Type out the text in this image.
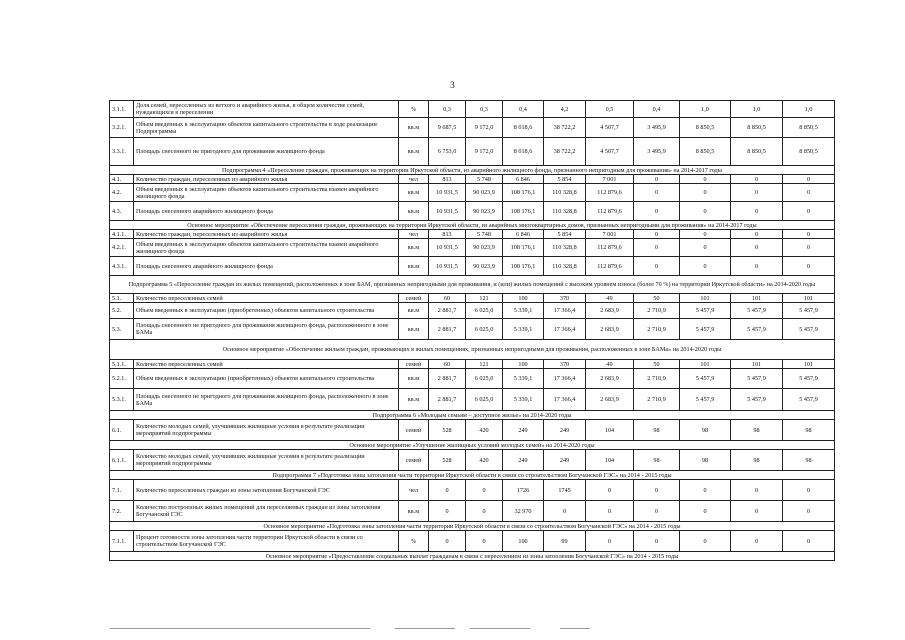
3
3.1.1.	Доля семей, переселенных из ветхого и аварийного жилья, в общем количестве семей, нуждающихся в переселении	%	0,3	0,3	0,4	4,2	0,5	0,4	1,0	1,0	1,0
3.2.1.	Объем введенных в эксплуатацию объектов капитального строительства в ходе реализации Подпрограммы	кв.м	9 687,5	9 172,0	8 018,6	38 722,2	4 507,7	3 495,9	8 850,5	8 850,5	8 850,5
3.3.1.	Площадь снесенного не пригодного для проживания жилищного фонда	кв.м	6 753,0	9 172,0	8 018,6	38 722,2	4 507,7	3 495,9	8 850,5	8 850,5	8 850,5
Подпрограмма 4 «Переселение граждан, проживающих на территории Иркутской области, из аварийного жилищного фонда, признанного непригодным для проживания» на 2014-2017 годы											
4.1.	Количество граждан, переселенных из аварийного жилья	чел	813	5 748	6 846	5 854	7 001	0	0	0	0
4.2.	Объем введенных в эксплуатацию объектов капитального строительства взамен аварийного жилищного фонда	кв.м	10 931,5	90 023,9	108 176,1	110 328,8	112 879,6	0	0	0	0
4.3.	Площадь снесенного аварийного жилищного фонда	кв.м	10 931,5	90 023,9	108 176,1	110 328,8	112 879,6	0	0	0	0
Основное мероприятие «Обеспечение переселения граждан, проживающих на территории Иркутской области, из аварийных многоквартирных домов, признанных непригодными для проживания» на 2014-2017 годы											
4.1.1.	Количество граждан, переселенных из аварийного жилья	чел	813	5 748	6 846	5 854	7 001	0	0	0	0
4.2.1.	Объем введенных в эксплуатацию объектов капитального строительства взамен аварийного жилищного фонда	кв.м	10 931,5	90 023,9	108 176,1	110 328,8	112 879,6	0	0	0	0
4.3.1.	Площадь снесенного аварийного жилищного фонда	кв.м	10 931,5	90 023,9	108 176,1	110 328,8	112 879,6	0	0	0	0
Подпрограмма 5 «Переселение граждан из жилых помещений, расположенных в зоне БАМ, признанных непригодными для проживания, и (или) жилых помещений с высоким уровнем износа (более 70 %) на территории Иркутской области» на 2014-2020 годы											
5.1.	Количество переселенных семей	семей	60	121	100	370	49	50	101	101	101
5.2.	Объем введенных в эксплуатацию (приобретенных) объектов капитального строительства	кв.м	2 881,7	6 025,0	5 339,1	17 366,4	2 683,9	2 710,9	5 457,9	5 457,9	5 457,9
5.3.	Площадь снесенного не пригодного для проживания жилищного фонда, расположенного в зоне БАМа	кв.м	2 881,7	6 025,0	5 339,1	17 366,4	2 683,9	2 710,9	5 457,9	5 457,9	5 457,9
Основное мероприятие «Обеспечение жильем граждан, проживающих в жилых помещениях, признанных непригодными для проживания, расположенных в зоне БАМа» на 2014-2020 годы											
5.1.1.	Количество переселенных семей	семей	60	121	100	370	49	50	101	101	101
5.2.1.	Объем введенных в эксплуатацию (приобретенных) объектов капитального строительства	кв.м	2 881,7	6 025,0	5 339,1	17 366,4	2 683,9	2 710,9	5 457,9	5 457,9	5 457,9
5.3.1.	Площадь снесенного не пригодного для проживания жилищного фонда, расположенного в зоне БАМа	кв.м	2 881,7	6 025,0	5 339,1	17 366,4	2 683,9	2 710,9	5 457,9	5 457,9	5 457,9
Подпрограмма 6 «Молодым семьям – доступное жилье» на 2014-2020 годы											
6.1.	Количество молодых семей, улучшивших жилищные условия в результате реализации мероприятий подпрограммы	семей	528	420	249	249	104	98	98	98	98
Основное мероприятие «Улучшение жилищных условий молодых семей» на 2014-2020 годы											
6.1.1.	Количество молодых семей, улучшивших жилищные условия в результате реализации мероприятий подпрограммы	семей	528	420	249	249	104	98	98	98	98
Подпрограмма 7 «Подготовка зоны затопления части территории Иркутской области в связи со строительством Богучанской ГЭС» на 2014 - 2015 годы											
7.1.	Количество переселенных граждан из зоны затопления Богучанской ГЭС	чел	0	0	1726	1745	0	0	0	0	0
7.2.	Количество построенных жилых помещений для переселяемых граждан из зоны затопления Богучанской ГЭС	кв.м	0	0	32 970	0	0	0	0	0	0
Основное мероприятие «Подготовка зоны затопления части территории Иркутской области в связи со строительством Богучанской ГЭС» на 2014 - 2015 годы											
7.1.1.	Процент готовности зоны затопления части территории Иркутской области в связи со строительством Богучанской ГЭС	%	0	0	100	99	0	0	0	0	0
Основное мероприятие «Предоставление социальных выплат гражданам в связи с переселением из зоны затопления Богучанской ГЭС» на 2014 - 2015 годы											
